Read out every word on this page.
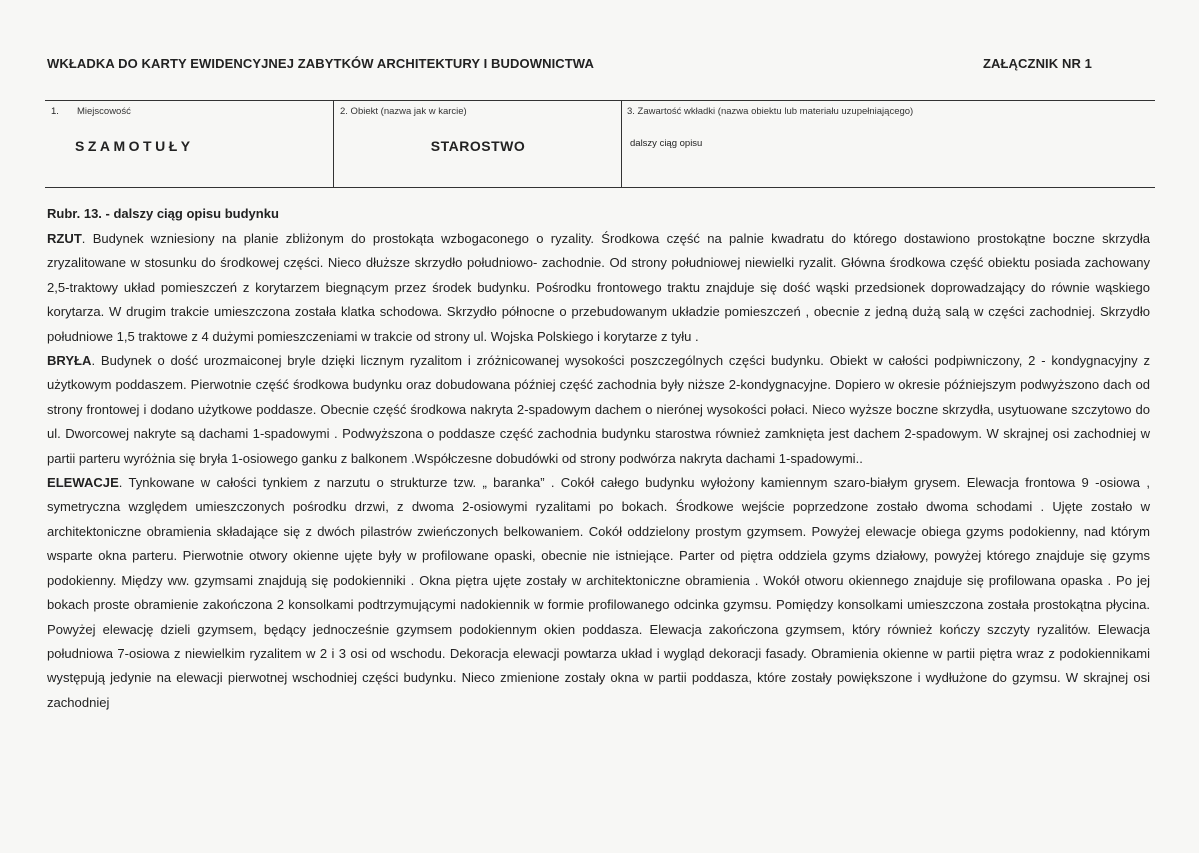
WKŁADKA DO KARTY EWIDENCYJNEJ ZABYTKÓW ARCHITEKTURY I BUDOWNICTWA	ZAŁĄCZNIK NR 1
1. Miejscowość
SZAMOTUŁY
2. Obiekt (nazwa jak w karcie)
STAROSTWO
3. Zawartość wkładki (nazwa obiektu lub materiału uzupełniającego)
dalszy ciąg opisu
Rubr. 13. - dalszy ciąg opisu budynku

RZUT. Budynek wzniesiony na planie zbliżonym do prostokąta wzbogaconego o ryzality. Środkowa część na palnie kwadratu do którego dostawiono prostokątne boczne skrzydła zryzalitowane w stosunku do środkowej części. Nieco dłuższe skrzydło południowo- zachodnie. Od strony południowej niewielki ryzalit. Główna środkowa część obiektu posiada zachowany 2,5-traktowy układ pomieszczeń z korytarzem biegnącym przez środek budynku. Pośrodku frontowego traktu znajduje się dość wąski przedsionek doprowadzający do równie wąskiego korytarza. W drugim trakcie umieszczona została klatka schodowa. Skrzydło północne o przebudowanym układzie pomieszczeń , obecnie z jedną dużą salą w części zachodniej. Skrzydło południowe 1,5 traktowe z 4 dużymi pomieszczeniami w trakcie od strony ul. Wojska Polskiego i korytarze z tyłu .

BRYŁA. Budynek o dość urozmaiconej bryle dzięki licznym ryzalitom i zróżnicowanej wysokości poszczególnych części budynku. Obiekt w całości podpiwniczony, 2 - kondygnacyjny z użytkowym poddaszem. Pierwotnie część środkowa budynku oraz dobudowana później część zachodnia były niższe 2-kondygnacyjne. Dopiero w okresie późniejszym podwyższono dach od strony frontowej i dodano użytkowe poddasze. Obecnie część środkowa nakryta 2-spadowym dachem o nierónej wysokości połaci. Nieco wyższe boczne skrzydła, usytuowane szczytowo do ul. Dworcowej nakryte są dachami 1-spadowymi . Podwyższona o poddasze część zachodnia budynku starostwa również zamknięta jest dachem 2-spadowym. W skrajnej osi zachodniej w partii parteru wyróżnia się bryła 1-osiowego ganku z balkonem .Współczesne dobudówki od strony podwórza nakryta dachami 1-spadowymi..

ELEWACJE. Tynkowane w całości tynkiem z narzutu o strukturze tzw. „ baranka” . Cokół całego budynku wyłożony kamiennym szaro-białym grysem. Elewacja frontowa 9 -osiowa , symetryczna względem umieszczonych pośrodku drzwi, z dwoma 2-osiowymi ryzalitami po bokach. Środkowe wejście poprzedzone zostało dwoma schodami . Ujęte zostało w architektoniczne obramienia składające się z dwóch pilastrów zwieńczonych belkowaniem. Cokół oddzielony prostym gzymsem. Powyżej elewacje obiega gzyms podokienny, nad którym wsparte okna parteru. Pierwotnie otwory okienne ujęte były w profilowane opaski, obecnie nie istniejące. Parter od piętra oddziela gzyms działowy, powyżej którego znajduje się gzyms podokienny. Między ww. gzymsami znajdują się podokienniki . Okna piętra ujęte zostały w architektoniczne obramienia . Wokół otworu okiennego znajduje się profilowana opaska . Po jej bokach proste obramienie zakończona 2 konsolkami podtrzymującymi nadokiennik w formie profilowanego odcinka gzymsu. Pomiędzy konsolkami umieszczona została prostokątna płycina. Powyżej elewację dzieli gzymsem, będący jednocześnie gzymsem podokiennym okien poddasza. Elewacja zakończona gzymsem, który również kończy szczyty ryzalitów. Elewacja południowa 7-osiowa z niewielkim ryzalitem w 2 i 3 osi od wschodu. Dekoracja elewacji powtarza układ i wygląd dekoracji fasady. Obramienia okienne w partii piętra wraz z podokiennikami występują jedynie na elewacji pierwotnej wschodniej części budynku. Nieco zmienione zostały okna w partii poddasza, które zostały powiększone i wydłużone do gzymsu. W skrajnej osi zachodniej
